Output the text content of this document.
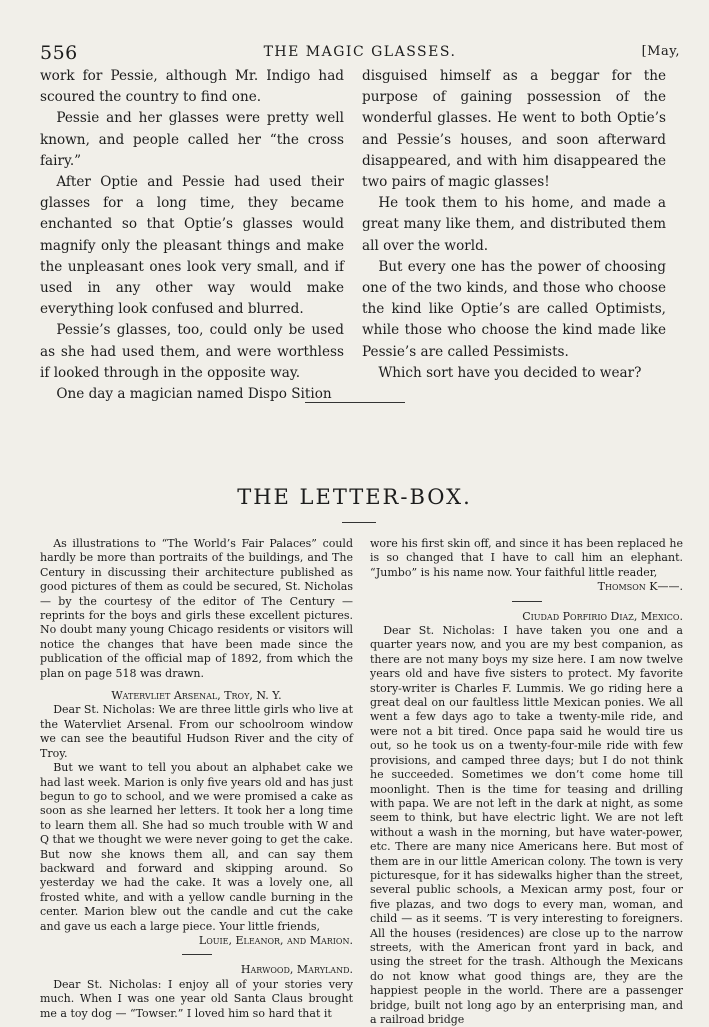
556	THE MAGIC GLASSES.	[May,

work for Pessie, although Mr. Indigo had scoured the country to find one.

Pessie and her glasses were pretty well known, and people called her “the cross fairy.”

After Optie and Pessie had used their glasses for a long time, they became enchanted so that Optie’s glasses would magnify only the pleasant things and make the unpleasant ones look very small, and if used in any other way would make everything look confused and blurred.

Pessie’s glasses, too, could only be used as she had used them, and were worthless if looked through in the opposite way.

One day a magician named Dispo Sition

disguised himself as a beggar for the purpose of gaining possession of the wonderful glasses. He went to both Optie’s and Pessie’s houses, and soon afterward disappeared, and with him disappeared the two pairs of magic glasses!

He took them to his home, and made a great many like them, and distributed them all over the world.

But every one has the power of choosing one of the two kinds, and those who choose the kind like Optie’s are called Optimists, while those who choose the kind made like Pessie’s are called Pessimists.

Which sort have you decided to wear?

THE LETTER-BOX.

As illustrations to “The World’s Fair Palaces” could hardly be more than portraits of the buildings, and The Century in discussing their architecture published as good pictures of them as could be secured, St. Nicholas — by the courtesy of the editor of The Century — reprints for the boys and girls these excellent pictures. No doubt many young Chicago residents or visitors will notice the changes that have been made since the publication of the official map of 1892, from which the plan on page 518 was drawn.

Watervliet Arsenal, Troy, N. Y.

Dear St. Nicholas: We are three little girls who live at the Watervliet Arsenal. From our schoolroom window we can see the beautiful Hudson River and the city of Troy.

But we want to tell you about an alphabet cake we had last week. Marion is only five years old and has just begun to go to school, and we were promised a cake as soon as she learned her letters. It took her a long time to learn them all. She had so much trouble with W and Q that we thought we were never going to get the cake. But now she knows them all, and can say them backward and forward and skipping around. So yesterday we had the cake. It was a lovely one, all frosted white, and with a yellow candle burning in the center. Marion blew out the candle and cut the cake and gave us each a large piece. Your little friends,

Louie, Eleanor, and Marion.

Harwood, Maryland.

Dear St. Nicholas: I enjoy all of your stories very much. When I was one year old Santa Claus brought me a toy dog — “Towser.” I loved him so hard that it

wore his first skin off, and since it has been replaced he is so changed that I have to call him an elephant. “Jumbo” is his name now. Your faithful little reader,

Thomson K——.

Ciudad Porfirio Diaz, Mexico.

Dear St. Nicholas: I have taken you one and a quarter years now, and you are my best companion, as there are not many boys my size here. I am now twelve years old and have five sisters to protect. My favorite story-writer is Charles F. Lummis. We go riding here a great deal on our faultless little Mexican ponies. We all went a few days ago to take a twenty-mile ride, and were not a bit tired. Once papa said he would tire us out, so he took us on a twenty-four-mile ride with few provisions, and camped three days; but I do not think he succeeded. Sometimes we don’t come home till moonlight. Then is the time for teasing and drilling with papa. We are not left in the dark at night, as some seem to think, but have electric light. We are not left without a wash in the morning, but have water-power, etc. There are many nice Americans here. But most of them are in our little American colony. The town is very picturesque, for it has sidewalks higher than the street, several public schools, a Mexican army post, four or five plazas, and two dogs to every man, woman, and child — as it seems. ’T is very interesting to foreigners. All the houses (residences) are close up to the narrow streets, with the American front yard in back, and using the street for the trash. Although the Mexicans do not know what good things are, they are the happiest people in the world. There are a passenger bridge, built not long ago by an enterprising man, and a railroad bridge
